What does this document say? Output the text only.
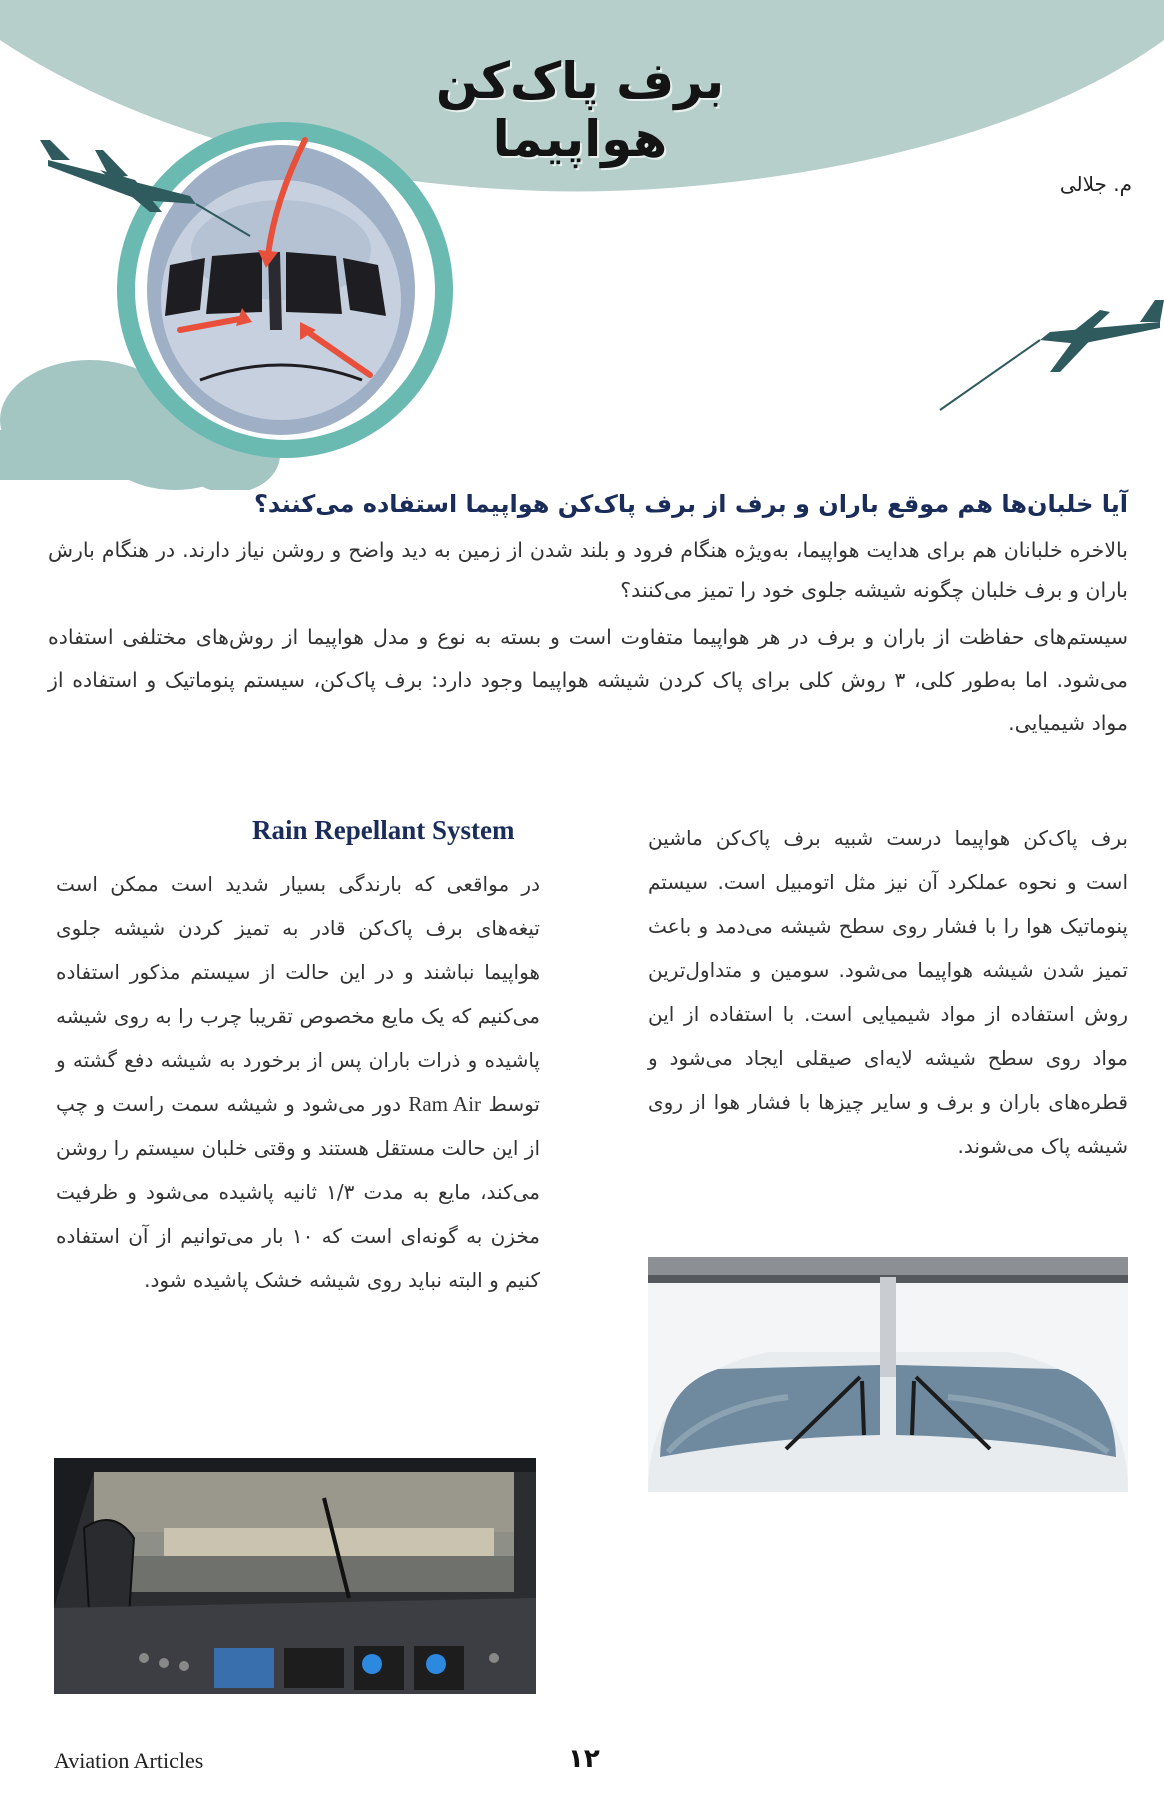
برف پاک‌کن هواپیما
م. جلالی
آیا خلبان‌ها هم موقع باران و برف از برف پاک‌کن هواپیما استفاده می‌کنند؟
بالاخره خلبانان هم برای هدایت هواپیما، به‌ویژه هنگام فرود و بلند شدن از زمین به دید واضح و روشن نیاز دارند. در هنگام بارش باران و برف خلبان چگونه شیشه جلوی خود را تمیز می‌کنند؟
سیستم‌های حفاظت از باران و برف در هر هواپیما متفاوت است و بسته به نوع و مدل هواپیما از روش‌های مختلفی استفاده می‌شود. اما به‌طور کلی، ۳ روش کلی برای پاک کردن شیشه هواپیما وجود دارد: برف پاک‌کن، سیستم پنوماتیک و استفاده از مواد شیمیایی.
برف پاک‌کن هواپیما درست شبیه برف پاک‌کن ماشین است و نحوه عملکرد آن نیز مثل اتومبیل است. سیستم پنوماتیک هوا را با فشار روی سطح شیشه می‌دمد و باعث تمیز شدن شیشه هواپیما می‌شود. سومین و متداول‌ترین روش استفاده از مواد شیمیایی است. با استفاده از این مواد روی سطح شیشه لایه‌ای صیقلی ایجاد می‌شود و قطره‌های باران و برف و سایر چیزها با فشار هوا از روی شیشه پاک می‌شوند.
Rain Repellant System
در مواقعی که بارندگی بسیار شدید است ممکن است تیغه‌های برف پاک‌کن قادر به تمیز کردن شیشه جلوی هواپیما نباشند و در این حالت از سیستم مذکور استفاده می‌کنیم که یک مایع مخصوص تقریبا چرب را به روی شیشه پاشیده و ذرات باران پس از برخورد به شیشه دفع گشته و توسط Ram Air دور می‌شود و شیشه سمت راست و چپ از این حالت مستقل هستند و وقتی خلبان سیستم را روشن می‌کند، مایع به مدت ۱/۳ ثانیه پاشیده می‌شود و ظرفیت مخزن به گونه‌ای است که ۱۰ بار می‌توانیم از آن استفاده کنیم و البته نباید روی شیشه خشک پاشیده شود.
Aviation Articles	۱۲
